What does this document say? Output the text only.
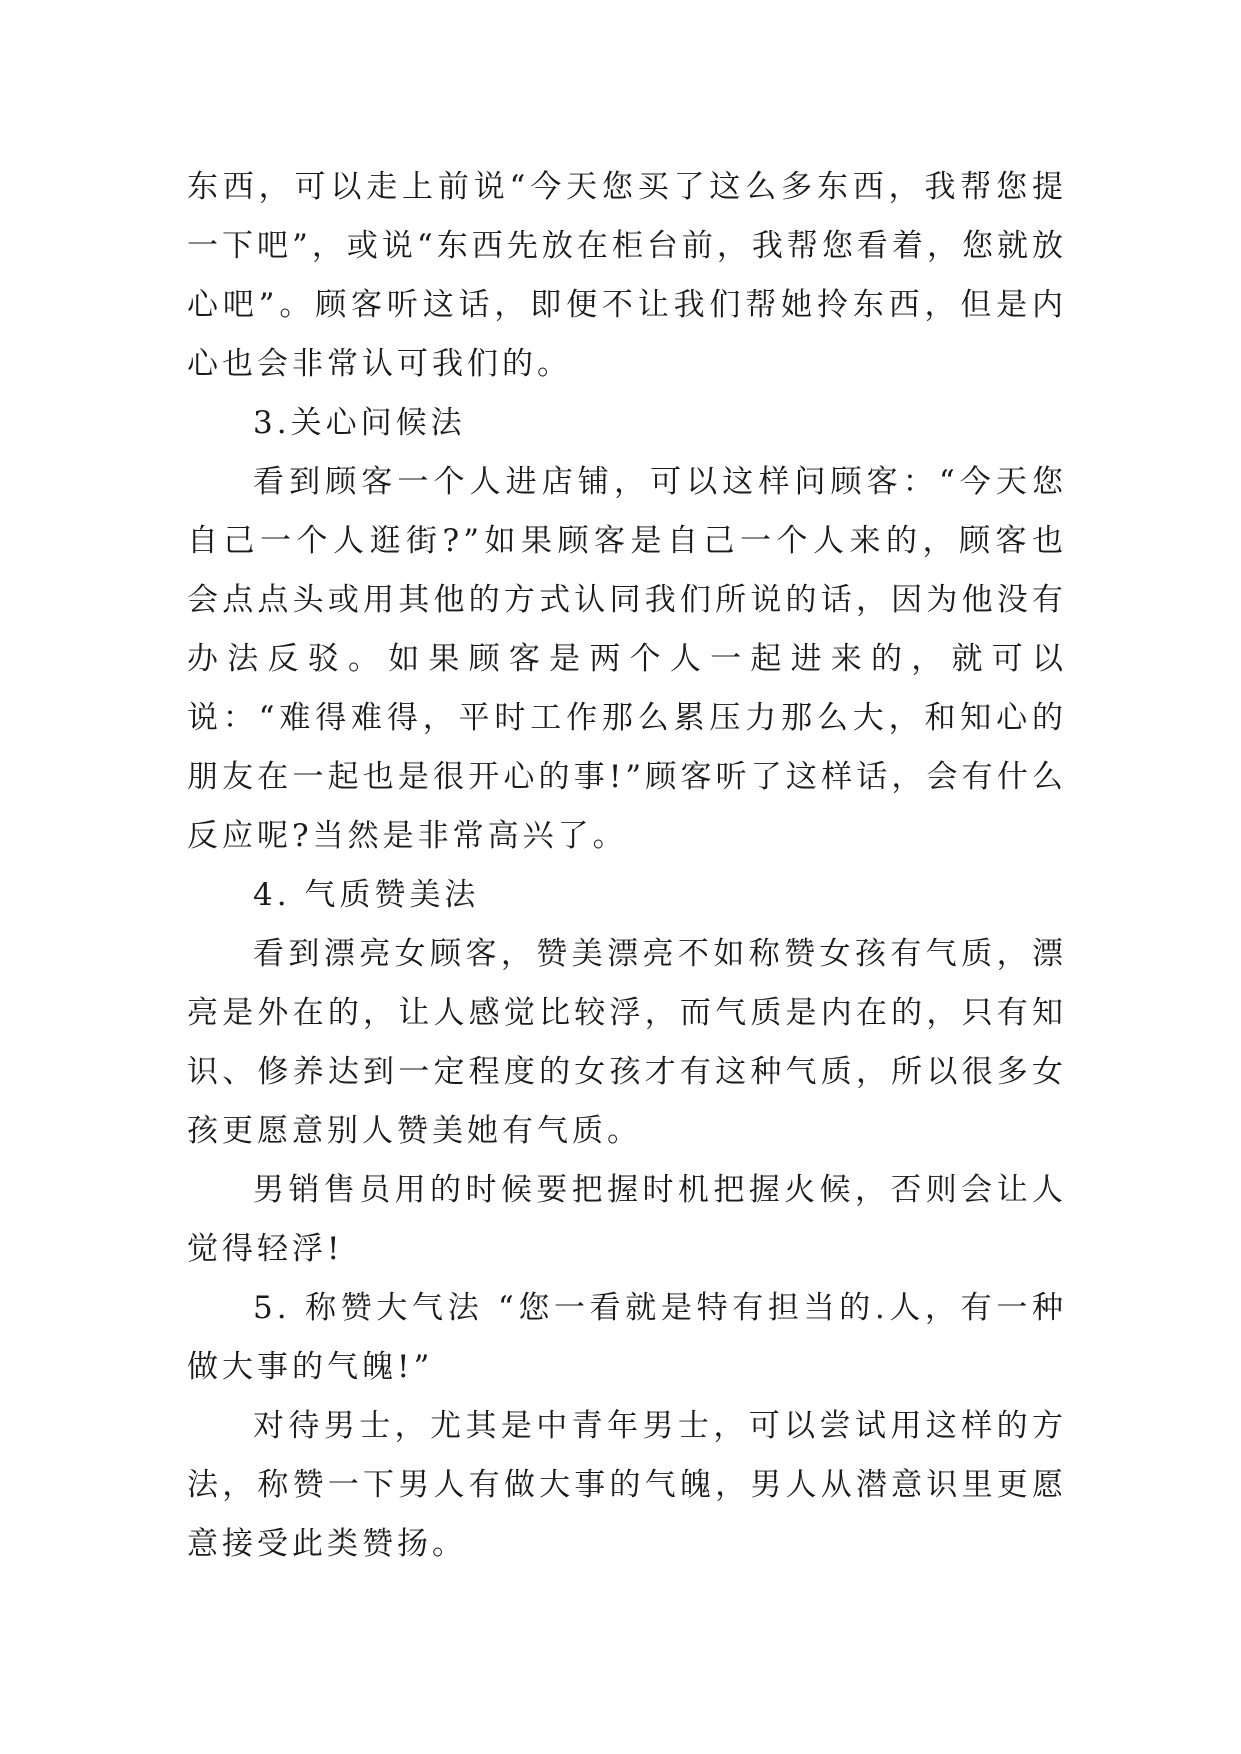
东西，可以走上前说“今天您买了这么多东西，我帮您提一下吧”，或说“东西先放在柜台前，我帮您看着，您就放心吧”。顾客听这话，即便不让我们帮她拎东西，但是内心也会非常认可我们的。

3.关心问候法

看到顾客一个人进店铺，可以这样问顾客：“今天您自己一个人逛街?”如果顾客是自己一个人来的，顾客也会点点头或用其他的方式认同我们所说的话，因为他没有办法反驳。如果顾客是两个人一起进来的，就可以说：“难得难得，平时工作那么累压力那么大，和知心的朋友在一起也是很开心的事!”顾客听了这样话，会有什么反应呢?当然是非常高兴了。

4. 气质赞美法

看到漂亮女顾客，赞美漂亮不如称赞女孩有气质，漂亮是外在的，让人感觉比较浮，而气质是内在的，只有知识、修养达到一定程度的女孩才有这种气质，所以很多女孩更愿意别人赞美她有气质。

男销售员用的时候要把握时机把握火候，否则会让人觉得轻浮!

5. 称赞大气法 “您一看就是特有担当的.人，有一种做大事的气魄!”

对待男士，尤其是中青年男士，可以尝试用这样的方法，称赞一下男人有做大事的气魄，男人从潜意识里更愿意接受此类赞扬。
